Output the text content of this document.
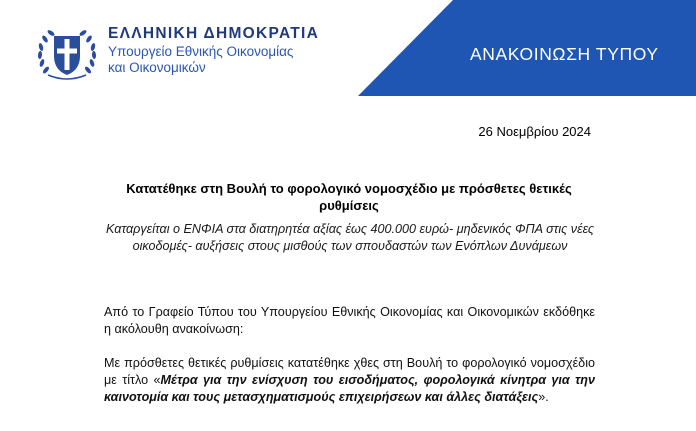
ΕΛΛΗΝΙΚΗ ΔΗΜΟΚΡΑΤΙΑ
Υπουργείο Εθνικής Οικονομίας
και Οικονομικών
ΑΝΑΚΟΙΝΩΣΗ ΤΥΠΟΥ
26 Νοεμβρίου 2024
Κατατέθηκε στη Βουλή το φορολογικό νομοσχέδιο με πρόσθετες θετικές ρυθμίσεις
Καταργείται ο ΕΝΦΙΑ στα διατηρητέα αξίας έως 400.000 ευρώ- μηδενικός ΦΠΑ στις νέες οικοδομές- αυξήσεις στους μισθούς των σπουδαστών των Ενόπλων Δυνάμεων
Από το Γραφείο Τύπου του Υπουργείου Εθνικής Οικονομίας και Οικονομικών εκδόθηκε η ακόλουθη ανακοίνωση:
Με πρόσθετες θετικές ρυθμίσεις κατατέθηκε χθες στη Βουλή το φορολογικό νομοσχέδιο με τίτλο «Μέτρα για την ενίσχυση του εισοδήματος, φορολογικά κίνητρα για την καινοτομία και τους μετασχηματισμούς επιχειρήσεων και άλλες διατάξεις».
